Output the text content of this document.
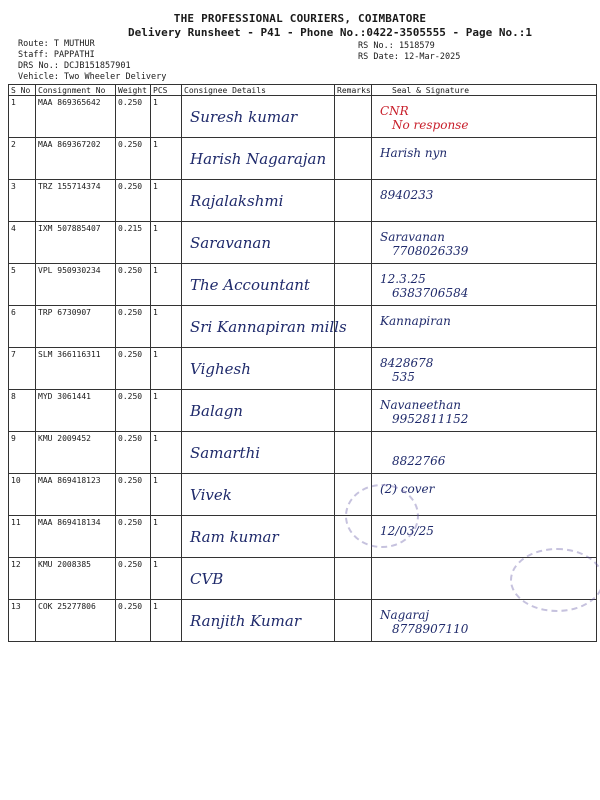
THE PROFESSIONAL COURIERS, COIMBATORE
Delivery Runsheet - P41 - Phone No.:0422-3505555 - Page No.:1
Route: T MUTHUR
Staff: PAPPATHI
DRS No.: DCJB151857901
Vehicle: Two Wheeler Delivery
RS No.: 1518579
RS Date: 12-Mar-2025
S No	Consignment No	Weight	PCS	Consignee Details	Remarks	Seal & Signature
1	MAA 869365642	0.250	1	Suresh kumar		CNR
No response

2	MAA 869367202	0.250	1	Harish Nagarajan		Harish nyn

3	TRZ 155714374	0.250	1	Rajalakshmi		8940233

4	IXM 507885407	0.215	1	Saravanan		Saravanan
7708026339

5	VPL 950930234	0.250	1	The Accountant		12.3.25
6383706584

6	TRP 6730907	0.250	1	Sri Kannapiran mills		Kannapiran

7	SLM 366116311	0.250	1	Vighesh		8428678
535

8	MYD 3061441	0.250	1	Balagn		Navaneethan
9952811152

9	KMU 2009452	0.250	1	Samarthi		8822766

10	MAA 869418123	0.250	1	Vivek		(2) cover

11	MAA 869418134	0.250	1	Ram kumar		12/03/25

12	KMU 2008385	0.250	1	CVB		

13	COK 25277806	0.250	1	Ranjith Kumar		Nagaraj
8778907110
